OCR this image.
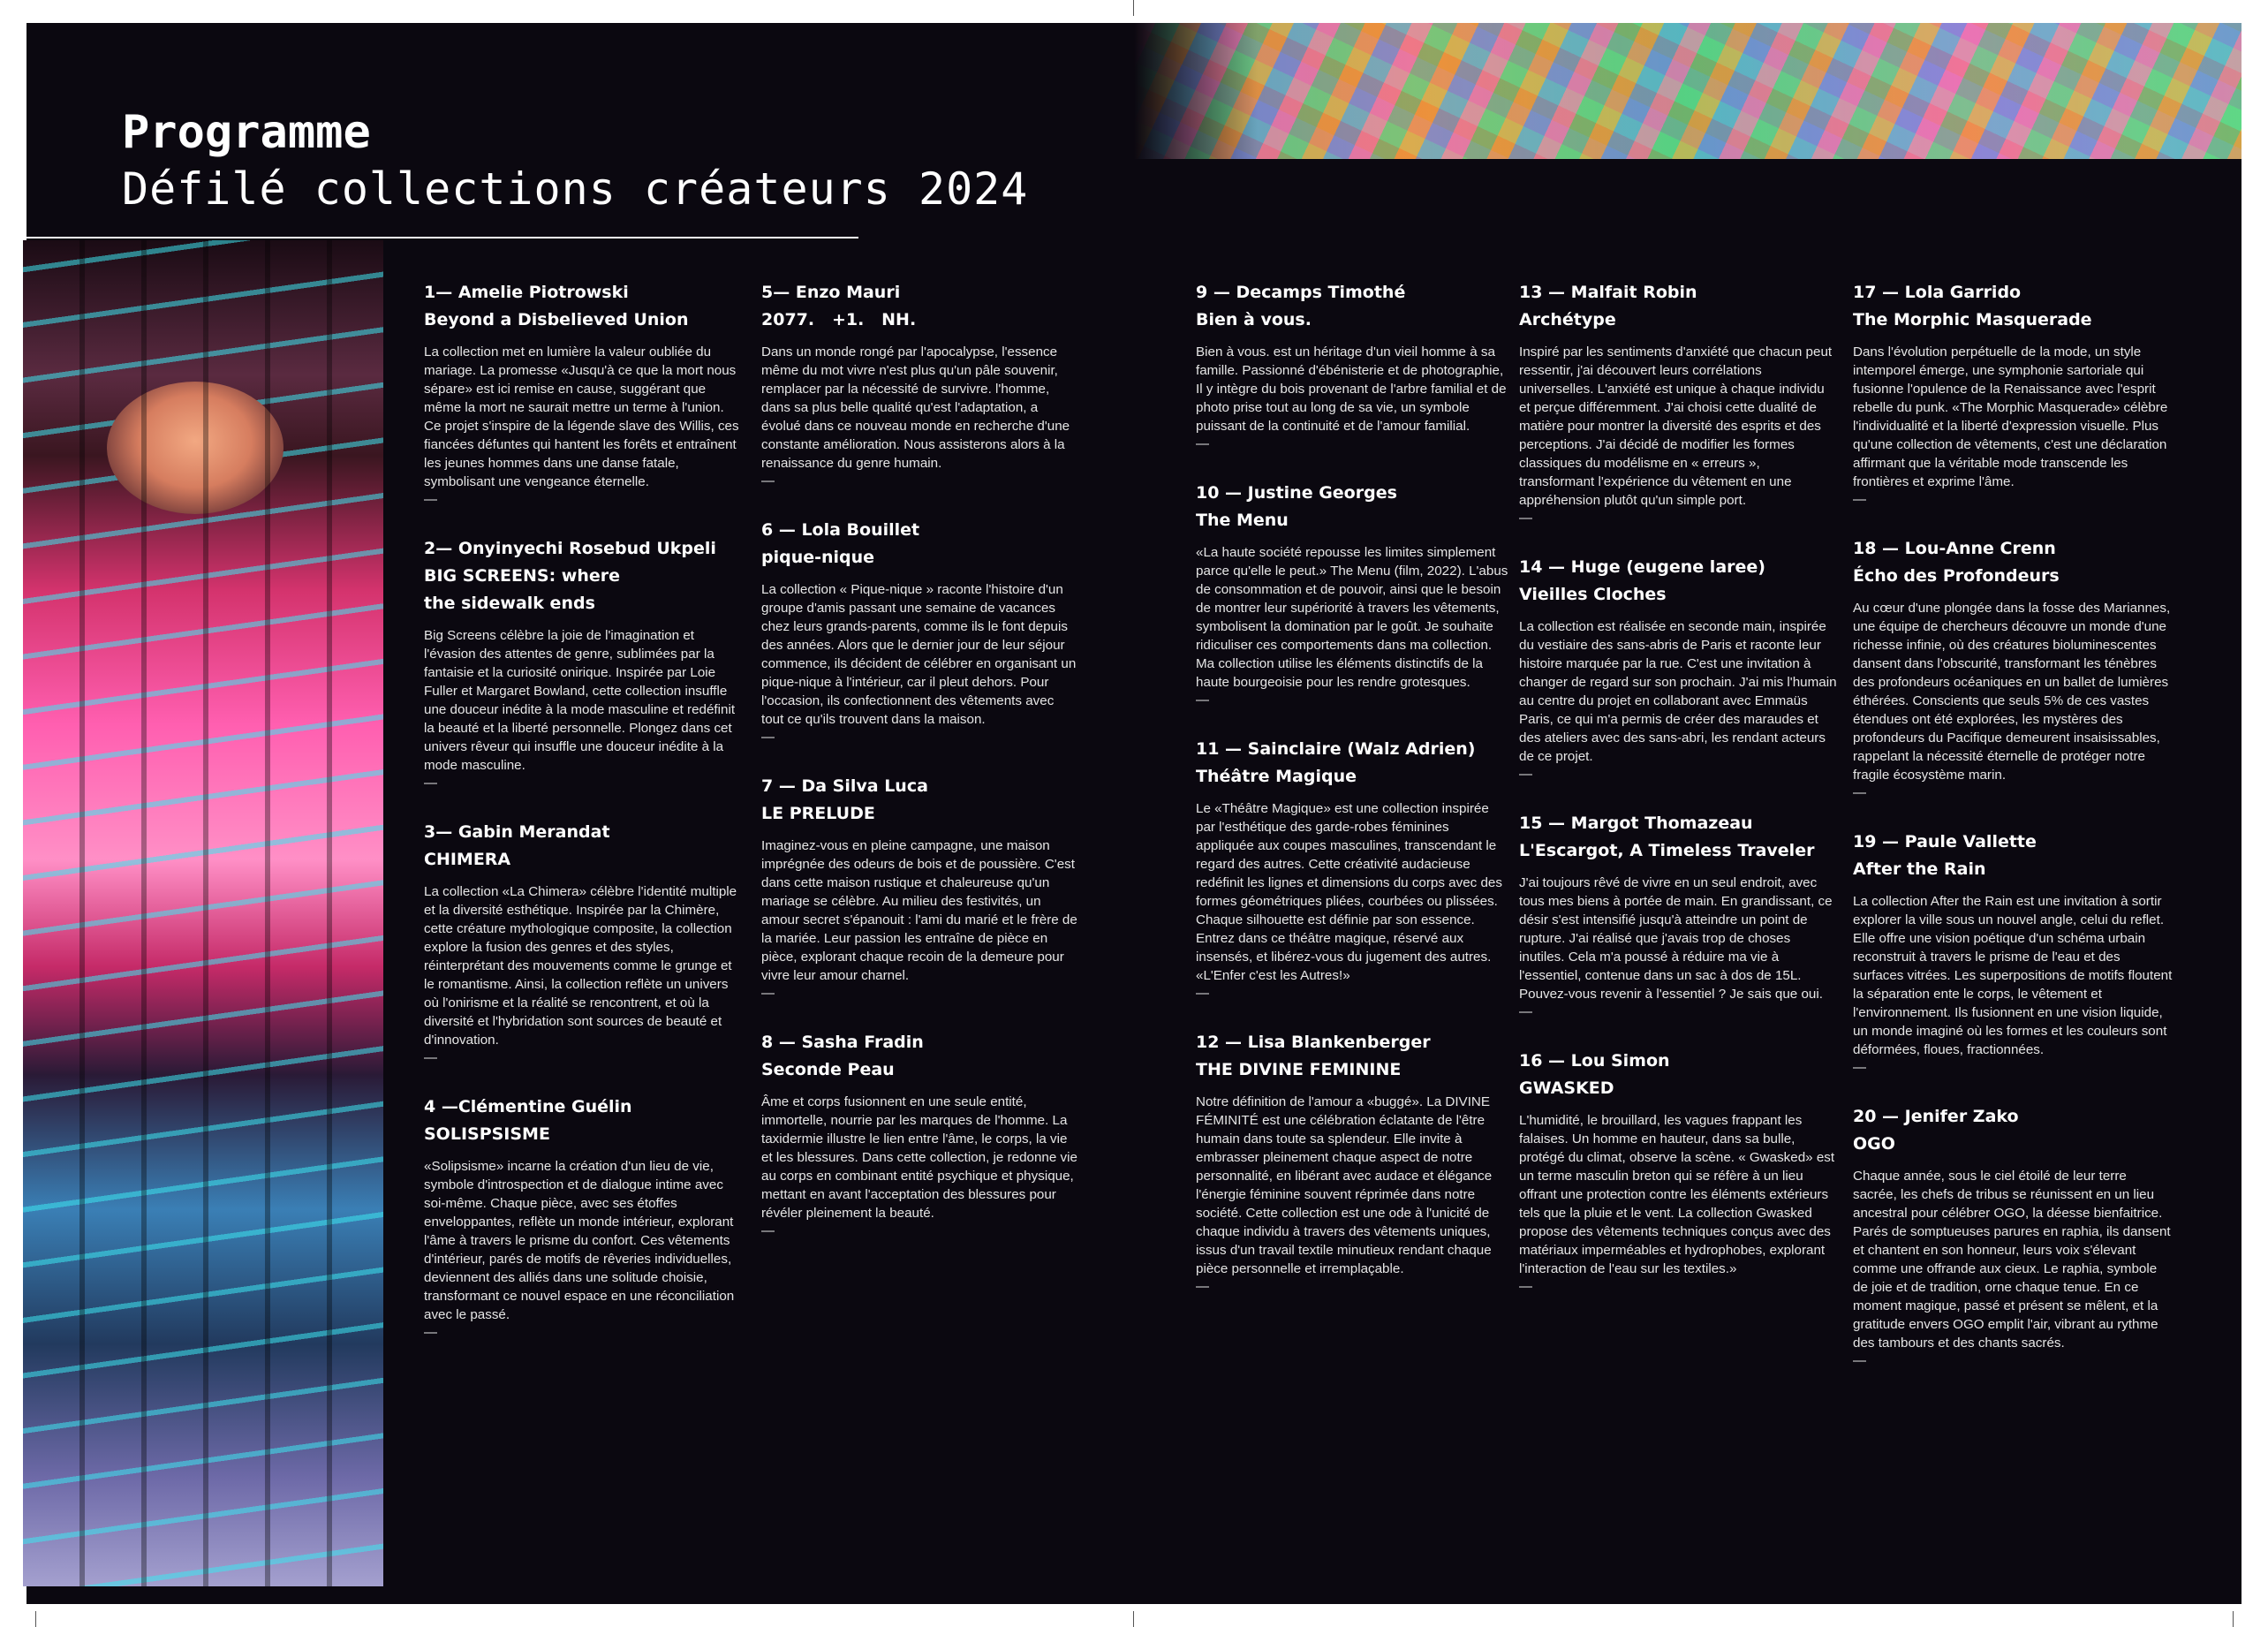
Programme
Défilé collections créateurs 2024
1— Amelie Piotrowski
Beyond a Disbelieved Union
La collection met en lumière la valeur oubliée du mariage. La promesse «Jusqu'à ce que la mort nous sépare» est ici remise en cause, suggérant que même la mort ne saurait mettre un terme à l'union. Ce projet s'inspire de la légende slave des Willis, ces fiancées défuntes qui hantent les forêts et entraînent les jeunes hommes dans une danse fatale, symbolisant une vengeance éternelle.
—
2— Onyinyechi Rosebud Ukpeli
BIG SCREENS: where the sidewalk ends
Big Screens célèbre la joie de l'imagination et l'évasion des attentes de genre, sublimées par la fantaisie et la curiosité onirique. Inspirée par Loie Fuller et Margaret Bowland, cette collection insuffle une douceur inédite à la mode masculine et redéfinit la beauté et la liberté personnelle. Plongez dans cet univers rêveur qui insuffle une douceur inédite à la mode masculine.
—
3— Gabin Merandat
CHIMERA
La collection «La Chimera» célèbre l'identité multiple et la diversité esthétique. Inspirée par la Chimère, cette créature mythologique composite, la collection explore la fusion des genres et des styles, réinterprétant des mouvements comme le grunge et le romantisme. Ainsi, la collection reflète un univers où l'onirisme et la réalité se rencontrent, et où la diversité et l'hybridation sont sources de beauté et d'innovation.
—
4 —Clémentine Guélin
SOLISPSISME
«Solipsisme» incarne la création d'un lieu de vie, symbole d'introspection et de dialogue intime avec soi-même. Chaque pièce, avec ses étoffes enveloppantes, reflète un monde intérieur, explorant l'âme à travers le prisme du confort. Ces vêtements d'intérieur, parés de motifs de rêveries individuelles, deviennent des alliés dans une solitude choisie, transformant ce nouvel espace en une réconciliation avec le passé.
—
5— Enzo Mauri
2077.   +1.   NH.
Dans un monde rongé par l'apocalypse, l'essence même du mot vivre n'est plus qu'un pâle souvenir, remplacer par la nécessité de survivre. l'homme, dans sa plus belle qualité qu'est l'adaptation, a évolué dans ce nouveau monde en recherche d'une constante amélioration. Nous assisterons alors à la renaissance du genre humain.
—
6 — Lola Bouillet
pique-nique
La collection « Pique-nique » raconte l'histoire d'un groupe d'amis passant une semaine de vacances chez leurs grands-parents, comme ils le font depuis des années. Alors que le dernier jour de leur séjour commence, ils décident de célébrer en organisant un pique-nique à l'intérieur, car il pleut dehors. Pour l'occasion, ils confectionnent des vêtements avec tout ce qu'ils trouvent dans la maison.
—
7 — Da Silva Luca
LE PRELUDE
Imaginez-vous en pleine campagne, une maison imprégnée des odeurs de bois et de poussière. C'est dans cette maison rustique et chaleureuse qu'un mariage se célèbre. Au milieu des festivités, un amour secret s'épanouit : l'ami du marié et le frère de la mariée. Leur passion les entraîne de pièce en pièce, explorant chaque recoin de la demeure pour vivre leur amour charnel.
—
8 — Sasha Fradin
Seconde Peau
Âme et corps fusionnent en une seule entité, immortelle, nourrie par les marques de l'homme. La taxidermie illustre le lien entre l'âme, le corps, la vie et les blessures. Dans cette collection, je redonne vie au corps en combinant entité psychique et physique, mettant en avant l'acceptation des blessures pour révéler pleinement la beauté.
—
9 — Decamps Timothé
Bien à vous.
Bien à vous. est un héritage d'un vieil homme à sa famille. Passionné d'ébénisterie et de photographie, Il y intègre du bois provenant de l'arbre familial et de photo prise tout au long de sa vie, un symbole puissant de la continuité et de l'amour familial.
—
10 — Justine Georges
The Menu
«La haute société repousse les limites simplement parce qu'elle le peut.» The Menu (film, 2022). L'abus de consommation et de pouvoir, ainsi que le besoin de montrer leur supériorité à travers les vêtements, symbolisent la domination par le goût. Je souhaite ridiculiser ces comportements dans ma collection. Ma collection utilise les éléments distinctifs de la haute bourgeoisie pour les rendre grotesques.
—
11 — Sainclaire (Walz Adrien)
Théâtre Magique
Le «Théâtre Magique» est une collection inspirée par l'esthétique des garde-robes féminines appliquée aux coupes masculines, transcendant le regard des autres. Cette créativité audacieuse redéfinit les lignes et dimensions du corps avec des formes géométriques pliées, courbées ou plissées. Chaque silhouette est définie par son essence. Entrez dans ce théâtre magique, réservé aux insensés, et libérez-vous du jugement des autres. «L'Enfer c'est les Autres!»
—
12 — Lisa Blankenberger
THE DIVINE FEMININE
Notre définition de l'amour a «buggé». La DIVINE FÉMINITÉ est une célébration éclatante de l'être humain dans toute sa splendeur. Elle invite à embrasser pleinement chaque aspect de notre personnalité, en libérant avec audace et élégance l'énergie féminine souvent réprimée dans notre société. Cette collection est une ode à l'unicité de chaque individu à travers des vêtements uniques, issus d'un travail textile minutieux rendant chaque pièce personnelle et irremplaçable.
—
13 — Malfait Robin
Archétype
Inspiré par les sentiments d'anxiété que chacun peut ressentir, j'ai découvert leurs corrélations universelles. L'anxiété est unique à chaque individu et perçue différemment. J'ai choisi cette dualité de matière pour montrer la diversité des esprits et des perceptions. J'ai décidé de modifier les formes classiques du modélisme en « erreurs », transformant l'expérience du vêtement en une appréhension plutôt qu'un simple port.
—
14 — Huge (eugene laree)
Vieilles Cloches
La collection est réalisée en seconde main, inspirée du vestiaire des sans-abris de Paris et raconte leur histoire marquée par la rue. C'est une invitation à changer de regard sur son prochain. J'ai mis l'humain au centre du projet en collaborant avec Emmaüs Paris, ce qui m'a permis de créer des maraudes et des ateliers avec des sans-abri, les rendant acteurs de ce projet.
—
15 — Margot Thomazeau
L'Escargot, A Timeless Traveler
J'ai toujours rêvé de vivre en un seul endroit, avec tous mes biens à portée de main. En grandissant, ce désir s'est intensifié jusqu'à atteindre un point de rupture. J'ai réalisé que j'avais trop de choses inutiles. Cela m'a poussé à réduire ma vie à l'essentiel, contenue dans un sac à dos de 15L. Pouvez-vous revenir à l'essentiel ? Je sais que oui.
—
16 — Lou Simon
GWASKED
L'humidité, le brouillard, les vagues frappant les falaises. Un homme en hauteur, dans sa bulle, protégé du climat, observe la scène. « Gwasked» est un terme masculin breton qui se réfère à un lieu offrant une protection contre les éléments extérieurs tels que la pluie et le vent. La collection Gwasked propose des vêtements techniques conçus avec des matériaux imperméables et hydrophobes, explorant l'interaction de l'eau sur les textiles.»
—
17 — Lola Garrido
The Morphic Masquerade
Dans l'évolution perpétuelle de la mode, un style intemporel émerge, une symphonie sartoriale qui fusionne l'opulence de la Renaissance avec l'esprit rebelle du punk. «The Morphic Masquerade» célèbre l'individualité et la liberté d'expression visuelle. Plus qu'une collection de vêtements, c'est une déclaration affirmant que la véritable mode transcende les frontières et exprime l'âme.
—
18 — Lou-Anne Crenn
Écho des Profondeurs
Au cœur d'une plongée dans la fosse des Mariannes, une équipe de chercheurs découvre un monde d'une richesse infinie, où des créatures bioluminescentes dansent dans l'obscurité, transformant les ténèbres des profondeurs océaniques en un ballet de lumières éthérées. Conscients que seuls 5% de ces vastes étendues ont été explorées, les mystères des profondeurs du Pacifique demeurent insaisissables, rappelant la nécessité éternelle de protéger notre fragile écosystème marin.
—
19 — Paule Vallette
After the Rain
La collection After the Rain est une invitation à sortir explorer la ville sous un nouvel angle, celui du reflet. Elle offre une vision poétique d'un schéma urbain reconstruit à travers le prisme de l'eau et des surfaces vitrées. Les superpositions de motifs floutent la séparation ente le corps, le vêtement et l'environnement. Ils fusionnent en une vision liquide, un monde imaginé où les formes et les couleurs sont déformées, floues, fractionnées.
—
20 — Jenifer Zako
OGO
Chaque année, sous le ciel étoilé de leur terre sacrée, les chefs de tribus se réunissent en un lieu ancestral pour célébrer OGO, la déesse bienfaitrice. Parés de somptueuses parures en raphia, ils dansent et chantent en son honneur, leurs voix s'élevant comme une offrande aux cieux. Le raphia, symbole de joie et de tradition, orne chaque tenue. En ce moment magique, passé et présent se mêlent, et la gratitude envers OGO emplit l'air, vibrant au rythme des tambours et des chants sacrés.
—
